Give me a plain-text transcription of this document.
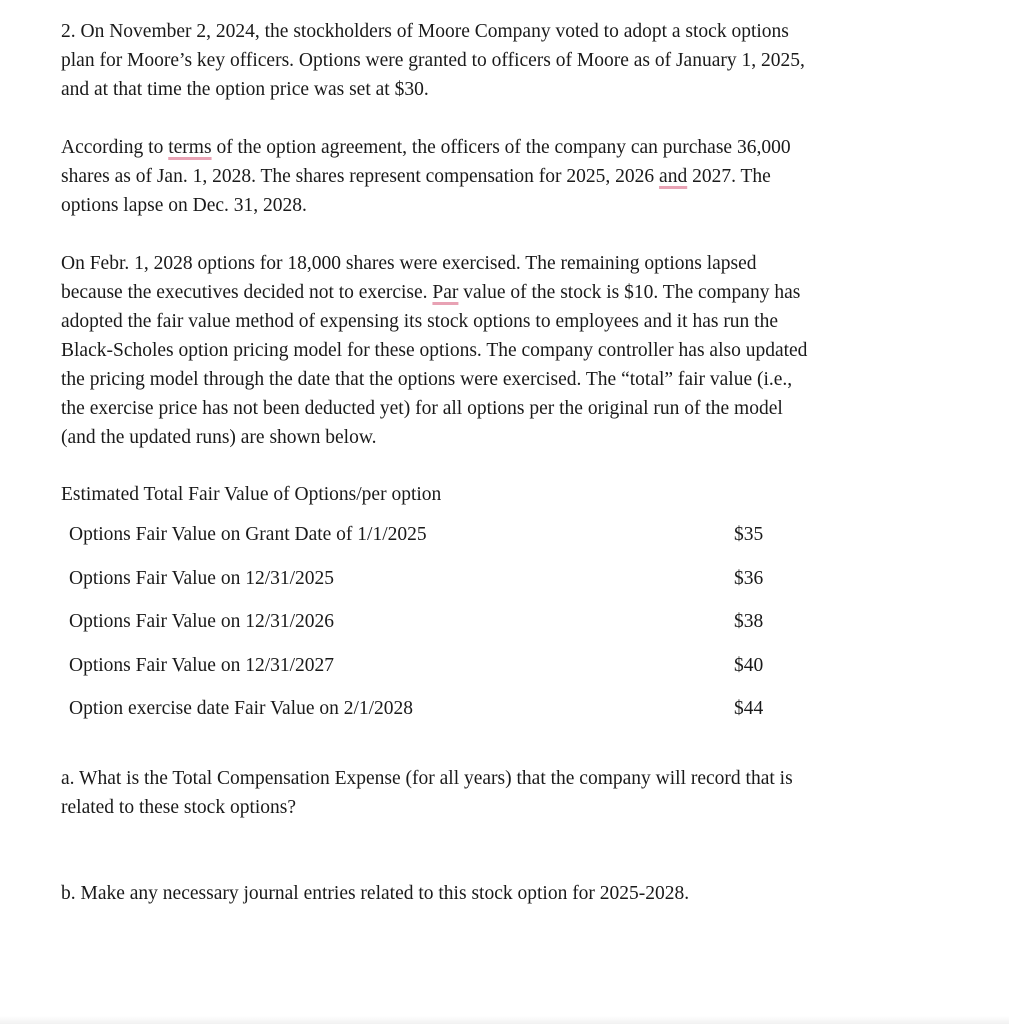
2. On November 2, 2024, the stockholders of Moore Company voted to adopt a stock options
plan for Moore’s key officers. Options were granted to officers of Moore as of January 1, 2025,
and at that time the option price was set at $30.

According to terms of the option agreement, the officers of the company can purchase 36,000
shares as of Jan. 1, 2028. The shares represent compensation for 2025, 2026 and 2027. The
options lapse on Dec. 31, 2028.

On Febr. 1, 2028 options for 18,000 shares were exercised. The remaining options lapsed
because the executives decided not to exercise. Par value of the stock is $10. The company has
adopted the fair value method of expensing its stock options to employees and it has run the
Black-Scholes option pricing model for these options. The company controller has also updated
the pricing model through the date that the options were exercised. The “total” fair value (i.e.,
the exercise price has not been deducted yet) for all options per the original run of the model
(and the updated runs) are shown below.

Estimated Total Fair Value of Options/per option

Options Fair Value on Grant Date of 1/1/2025	$35
Options Fair Value on 12/31/2025	$36
Options Fair Value on 12/31/2026	$38
Options Fair Value on 12/31/2027	$40
Option exercise date Fair Value on 2/1/2028	$44

a. What is the Total Compensation Expense (for all years) that the company will record that is
related to these stock options?

b. Make any necessary journal entries related to this stock option for 2025-2028.
